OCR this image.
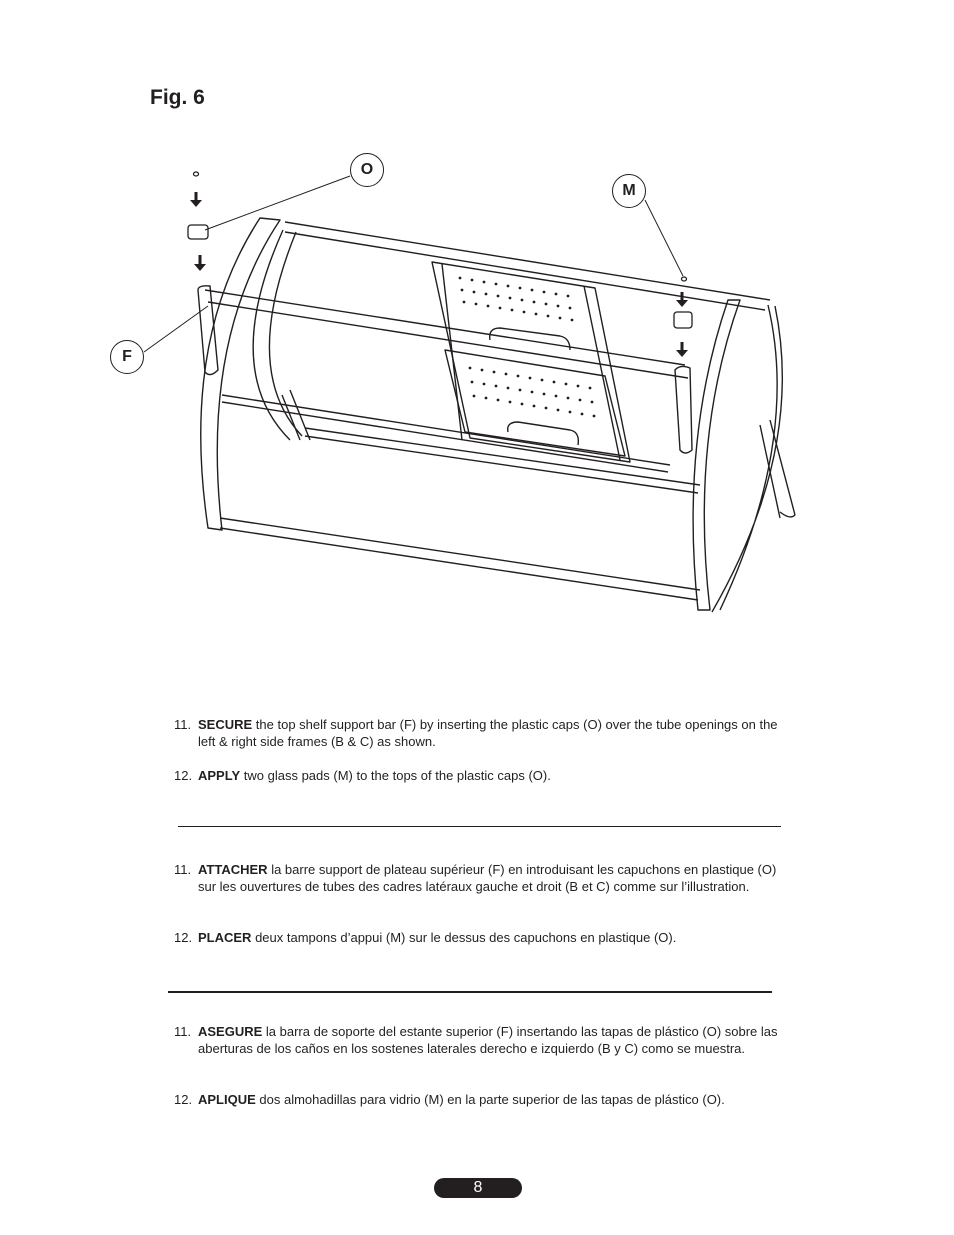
Fig. 6
O
M
F
11. SECURE the top shelf support bar (F) by inserting the plastic caps (O) over the tube openings on the left & right side frames (B & C) as shown.
12. APPLY two glass pads (M) to the tops of the plastic caps (O).
11. ATTACHER la barre support de plateau supérieur (F) en introduisant les capuchons en plastique (O) sur les ouvertures de tubes des cadres latéraux gauche et droit (B et C) comme sur l’illustration.
12. PLACER deux tampons d’appui (M) sur le dessus des capuchons en plastique (O).
11. ASEGURE la barra de soporte del estante superior (F) insertando las tapas de plástico (O) sobre las aberturas de los caños en los sostenes laterales derecho e izquierdo (B y C) como se muestra.
12. APLIQUE dos almohadillas para vidrio (M) en la parte superior de las tapas de plástico (O).
8
